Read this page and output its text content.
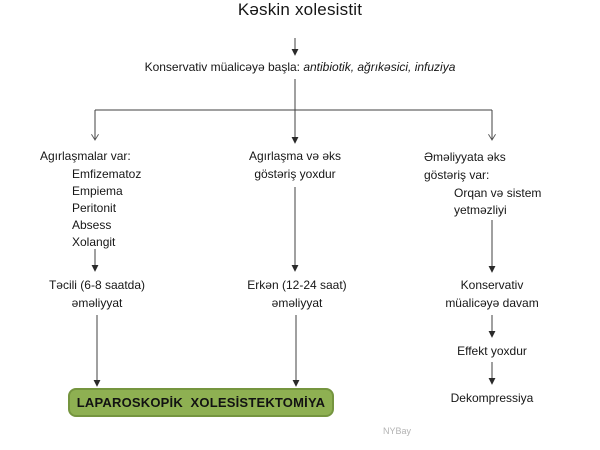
Kəskin xolesistit
Konservativ müalicəyə başla: antibiotik, ağrıkəsici, infuziya
Agırlaşmalar var:
Emfizematoz
Empiema
Peritonit
Absess
Xolangit
Təcili (6-8 saatda)
əməliyyat
Agırlaşma və əks
göstəriş yoxdur
Erkən (12-24 saat)
əməliyyat
Əməliyyata əks
göstəriş var:
Orqan və sistem
yetməzliyi
Konservativ
müalicəyə davam
Effekt yoxdur
Dekompressiya
LAPAROSKOPİK  XOLESİSTEKTOMİYA
NYBay
